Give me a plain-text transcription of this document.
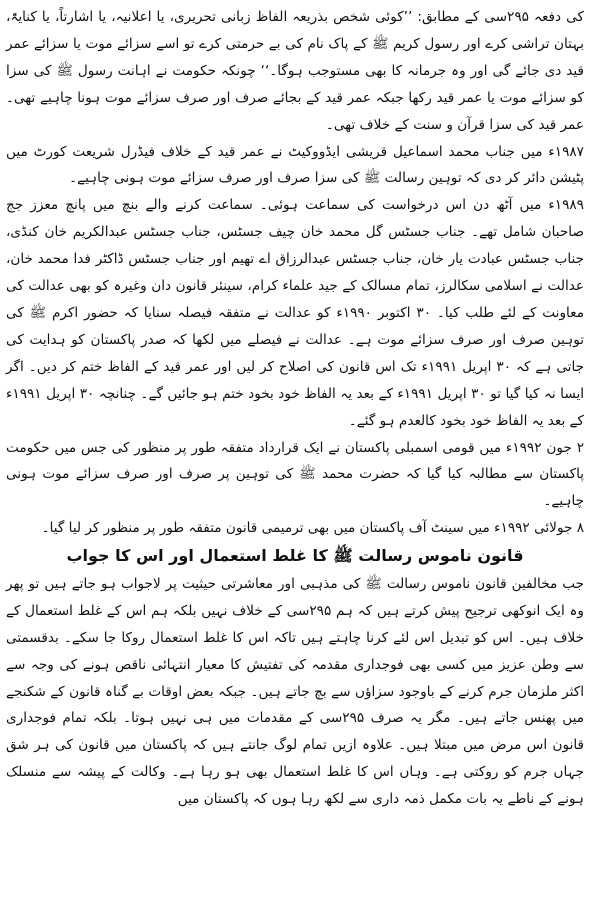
کی دفعہ ۲۹۵سی کے مطابق: ’’کوئی شخص بذریعہ الفاظ زبانی تحریری، یا اعلانیہ، یا اشارتاً، یا کنایۃً، بہتان تراشی کرے اور رسول کریم ﷺ کے پاک نام کی بے حرمتی کرے تو اسے سزائے موت یا سزائے عمر قید دی جائے گی اور وہ جرمانہ کا بھی مستوجب ہوگا۔‘‘ چونکہ حکومت نے اہانت رسول ﷺ کی سزا کو سزائے موت یا عمر قید رکھا جبکہ عمر قید کے بجائے صرف اور صرف سزائے موت ہونا چاہیے تھی۔ عمر قید کی سزا قرآن و سنت کے خلاف تھی۔

۱۹۸۷ء میں جناب محمد اسماعیل قریشی ایڈووکیٹ نے عمر قید کے خلاف فیڈرل شریعت کورٹ میں پٹیشن دائر کر دی کہ توہین رسالت ﷺ کی سزا صرف اور صرف سزائے موت ہونی چاہیے۔

۱۹۸۹ء میں آٹھ دن اس درخواست کی سماعت ہوئی۔ سماعت کرنے والے بنچ میں پانچ معزز جج صاحبان شامل تھے۔ جناب جسٹس گل محمد خان چیف جسٹس، جناب جسٹس عبدالکریم خان کنڈی، جناب جسٹس عبادت یار خان، جناب جسٹس عبدالرزاق اے تھیم اور جناب جسٹس ڈاکٹر فدا محمد خان، عدالت نے اسلامی سکالرز، تمام مسالک کے جید علماء کرام، سینئر قانون دان وغیرہ کو بھی عدالت کی معاونت کے لئے طلب کیا۔ ۳۰ اکتوبر ۱۹۹۰ء کو عدالت نے متفقہ فیصلہ سنایا کہ حضور اکرم ﷺ کی توہین صرف اور صرف سزائے موت ہے۔ عدالت نے فیصلے میں لکھا کہ صدر پاکستان کو ہدایت کی جاتی ہے کہ ۳۰ اپریل ۱۹۹۱ء تک اس قانون کی اصلاح کر لیں اور عمر قید کے الفاظ ختم کر دیں۔ اگر ایسا نہ کیا گیا تو ۳۰ اپریل ۱۹۹۱ء کے بعد یہ الفاظ خود بخود ختم ہو جائیں گے۔ چنانچہ ۳۰ اپریل ۱۹۹۱ء کے بعد یہ الفاظ خود بخود کالعدم ہو گئے۔

۲ جون ۱۹۹۲ء میں قومی اسمبلی پاکستان نے ایک قرارداد متفقہ طور پر منظور کی جس میں حکومت پاکستان سے مطالبہ کیا گیا کہ حضرت محمد ﷺ کی توہین پر صرف اور صرف سزائے موت ہونی چاہیے۔

۸ جولائی ۱۹۹۲ء میں سینٹ آف پاکستان میں بھی ترمیمی قانون متفقہ طور پر منظور کر لیا گیا۔

قانون ناموس رسالت ﷺ کا غلط استعمال اور اس کا جواب

جب مخالفین قانون ناموس رسالت ﷺ کی مذہبی اور معاشرتی حیثیت پر لاجواب ہو جاتے ہیں تو پھر وہ ایک انوکھی ترجیح پیش کرتے ہیں کہ ہم ۲۹۵سی کے خلاف نہیں بلکہ ہم اس کے غلط استعمال کے خلاف ہیں۔ اس کو تبدیل اس لئے کرنا چاہتے ہیں تاکہ اس کا غلط استعمال روکا جا سکے۔ بدقسمتی سے وطن عزیز میں کسی بھی فوجداری مقدمہ کی تفتیش کا معیار انتہائی ناقص ہونے کی وجہ سے اکثر ملزمان جرم کرنے کے باوجود سزاؤں سے بچ جاتے ہیں۔ جبکہ بعض اوقات بے گناہ قانون کے شکنجے میں پھنس جاتے ہیں۔ مگر یہ صرف ۲۹۵سی کے مقدمات میں ہی نہیں ہوتا۔ بلکہ تمام فوجداری قانون اس مرض میں مبتلا ہیں۔ علاوہ ازیں تمام لوگ جانتے ہیں کہ پاکستان میں قانون کی ہر شق جہاں جرم کو روکتی ہے۔ وہاں اس کا غلط استعمال بھی ہو رہا ہے۔ وکالت کے پیشہ سے منسلک ہونے کے ناطے یہ بات مکمل ذمہ داری سے لکھ رہا ہوں کہ پاکستان میں
